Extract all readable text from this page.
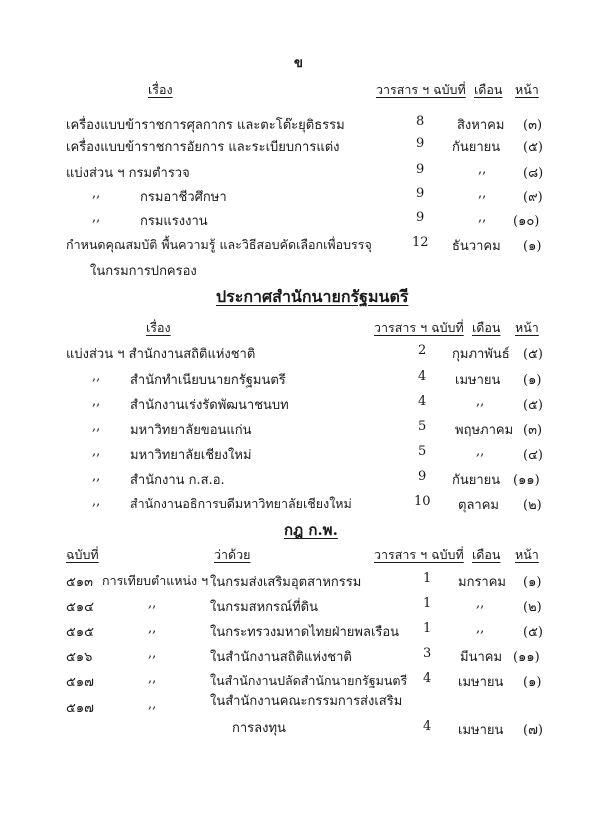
ข
เรื่อง	วารสาร ฯ ฉบับที่ เดือน หน้า
เครื่องแบบข้าราชการศุลกากร และตะโต๊ะยุติธรรม	8	สิงหาคม (๓)
เครื่องแบบข้าราชการอัยการ และระเบียบการแต่ง	9 กันยายน (๕)
แบ่งส่วน ฯ กรมตำรวจ	9	,,	(๘)
,,	กรมอาชีวศึกษา	9	,,	(๙)
,,	กรมแรงงาน	9	,, (๑๐)
กำหนดคุณสมบัติ พื้นความรู้ และวิธีสอบคัดเลือกเพื่อบรรจุ	12 ธันวาคม (๑)
ในกรมการปกครอง
ประกาศสำนักนายกรัฐมนตรี
เรื่อง	วารสาร ฯ ฉบับที่ เดือน หน้า
แบ่งส่วน ฯ สำนักงานสถิติแห่งชาติ	2 กุมภาพันธ์ (๕)
,, สำนักทำเนียบนายกรัฐมนตรี	4 เมษายน (๑)
,, สำนักงานเร่งรัดพัฒนาชนบท	4	,,	(๕)
,, มหาวิทยาลัยขอนแก่น	5 พฤษภาคม (๓)
,, มหาวิทยาลัยเชียงใหม่	5	,,	(๔)
,, สำนักงาน ก.ส.อ.	9 กันยายน (๑๑)
,, สำนักงานอธิการบดีมหาวิทยาลัยเชียงใหม่	10 ตุลาคม (๒)
กฎ ก.พ.
ฉบับที่	ว่าด้วย	วารสาร ฯ ฉบับที่ เดือน หน้า
๕๑๓ การเทียบตำแหน่ง ฯ ในกรมส่งเสริมอุตสาหกรรม	1 มกราคม (๑)
๕๑๔	,,	ในกรมสหกรณ์ที่ดิน	1	,,	(๒)
๕๑๕	,,	ในกระทรวงมหาดไทยฝ่ายพลเรือน 1	,,	(๕)
๕๑๖	,,	ในสำนักงานสถิติแห่งชาติ	3 มีนาคม (๑๑)
๕๑๗	,,	ในสำนักงานปลัดสำนักนายกรัฐมนตรี 4 เมษายน (๑)
๕๑๗	,,	ในสำนักงานคณะกรรมการส่งเสริม
การลงทุน	4 เมษายน (๗)
